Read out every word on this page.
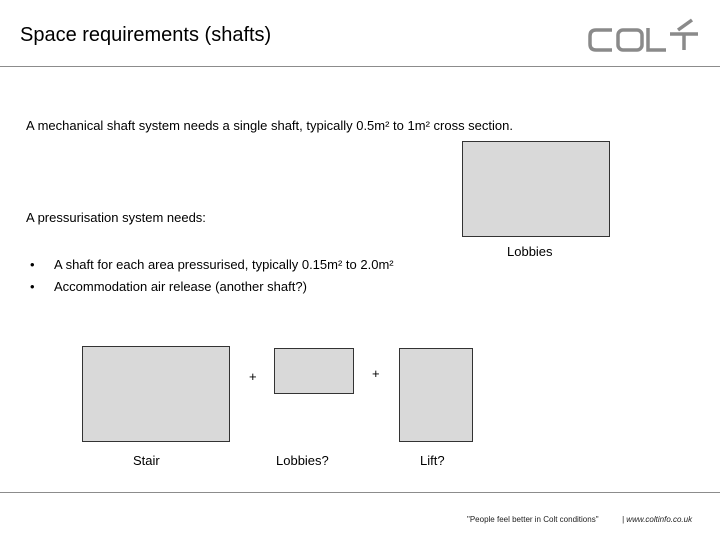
Space requirements (shafts)
A mechanical shaft system needs a single shaft, typically 0.5m² to 1m² cross section.
Lobbies
A pressurisation system needs:
• A shaft for each area pressurised, typically 0.15m² to 2.0m²
• Accommodation air release (another shaft?)
+	+
Stair	Lobbies?	Lift?
"People feel better in Colt conditions"	| www.coltinfo.co.uk
